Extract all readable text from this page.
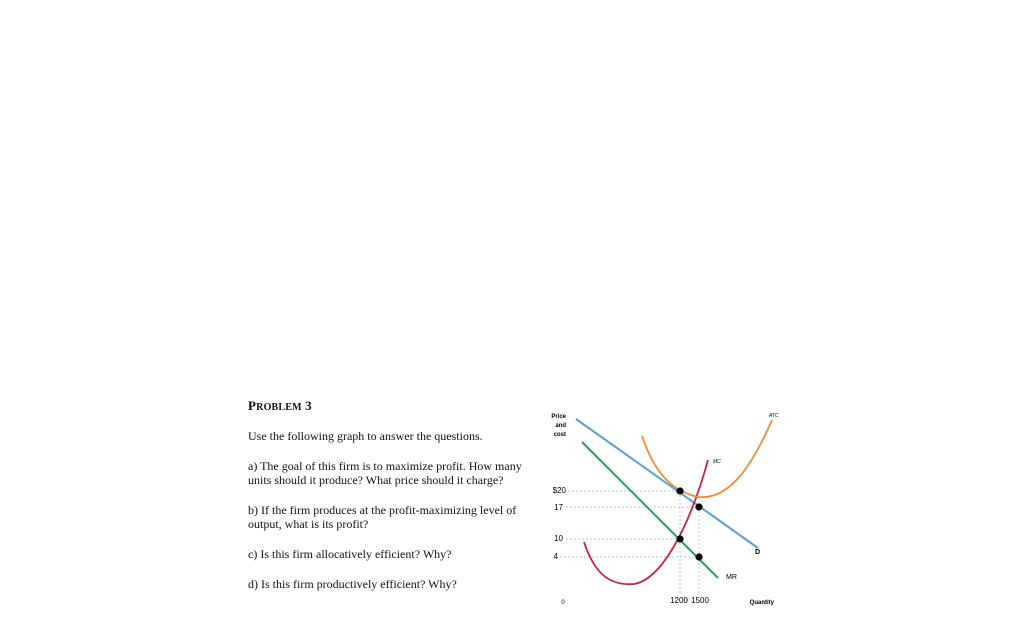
PROBLEM 3
Use the following graph to answer the questions.
a) The goal of this firm is to maximize profit. How many
units should it produce? What price should it charge?
b) If the firm produces at the profit-maximizing level of
output, what is its profit?
c) Is this firm allocatively efficient? Why?
d) Is this firm productively efficient? Why?
Price
and
cost
Quantity
0
$20
17
10
4
1200 1500
D
MR
MC
ATC
